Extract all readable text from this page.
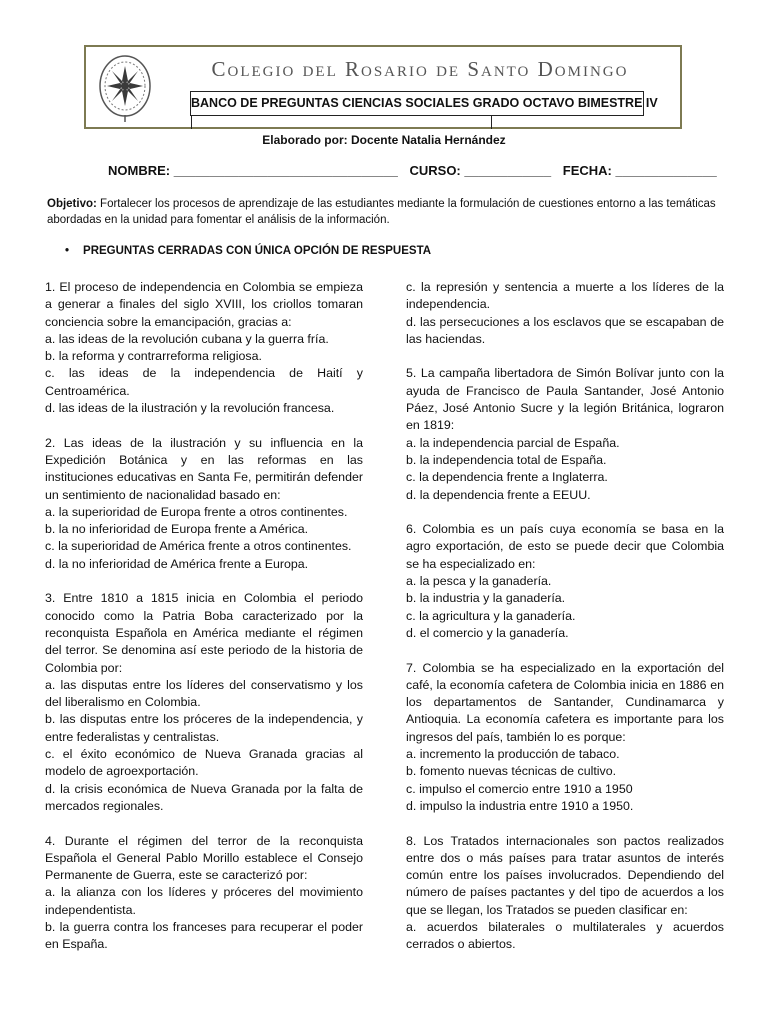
Colegio del Rosario de Santo Domingo
BANCO DE PREGUNTAS CIENCIAS SOCIALES GRADO OCTAVO BIMESTRE IV
Elaborado por: Docente Natalia Hernández
NOMBRE: _______________________________ CURSO: ____________ FECHA: ______________
Objetivo: Fortalecer los procesos de aprendizaje de las estudiantes mediante la formulación de cuestiones entorno a las temáticas abordadas en la unidad para fomentar el análisis de la información.
• PREGUNTAS CERRADAS CON ÚNICA OPCIÓN DE RESPUESTA

1. El proceso de independencia en Colombia se empieza a generar a finales del siglo XVIII, los criollos tomaran conciencia sobre la emancipación, gracias a:

a. las ideas de la revolución cubana y la guerra fría.

b. la reforma y contrarreforma religiosa.

c. las ideas de la independencia de Haití y Centroamérica.

d. las ideas de la ilustración y la revolución francesa.

2. Las ideas de la ilustración y su influencia en la Expedición Botánica y en las reformas en las instituciones educativas en Santa Fe, permitirán defender un sentimiento de nacionalidad basado en:

a. la superioridad de Europa frente a otros continentes.

b. la no inferioridad de Europa frente a América.

c. la superioridad de América frente a otros continentes.

d. la no inferioridad de América frente a Europa.

3. Entre 1810 a 1815 inicia en Colombia el periodo conocido como la Patria Boba caracterizado por la reconquista Española en América mediante el régimen del terror. Se denomina así este periodo de la historia de Colombia por:

a. las disputas entre los líderes del conservatismo y los del liberalismo en Colombia.

b. las disputas entre los próceres de la independencia, y entre federalistas y centralistas.

c. el éxito económico de Nueva Granada gracias al modelo de agroexportación.

d. la crisis económica de Nueva Granada por la falta de mercados regionales.

4. Durante el régimen del terror de la reconquista Española el General Pablo Morillo establece el Consejo Permanente de Guerra, este se caracterizó por:

a. la alianza con los líderes y próceres del movimiento independentista.

b. la guerra contra los franceses para recuperar el poder en España.

c. la represión y sentencia a muerte a los líderes de la independencia.

d. las persecuciones a los esclavos que se escapaban de las haciendas.

5. La campaña libertadora de Simón Bolívar junto con la ayuda de Francisco de Paula Santander, José Antonio Páez, José Antonio Sucre y la legión Británica, lograron en 1819:

a. la independencia parcial de España.

b. la independencia total de España.

c. la dependencia frente a Inglaterra.

d. la dependencia frente a EEUU.

6. Colombia es un país cuya economía se basa en la agro exportación, de esto se puede decir que Colombia se ha especializado en:

a. la pesca y la ganadería.

b. la industria y la ganadería.

c. la agricultura y la ganadería.

d. el comercio y la ganadería.

7. Colombia se ha especializado en la exportación del café, la economía cafetera de Colombia inicia en 1886 en los departamentos de Santander, Cundinamarca y Antioquia. La economía cafetera es importante para los ingresos del país, también lo es porque:

a. incremento la producción de tabaco.

b. fomento nuevas técnicas de cultivo.

c. impulso el comercio entre 1910 a 1950

d. impulso la industria entre 1910 a 1950.

8. Los Tratados internacionales son pactos realizados entre dos o más países para tratar asuntos de interés común entre los países involucrados. Dependiendo del número de países pactantes y del tipo de acuerdos a los que se llegan, los Tratados se pueden clasificar en:

a. acuerdos bilaterales o multilaterales y acuerdos cerrados o abiertos.
